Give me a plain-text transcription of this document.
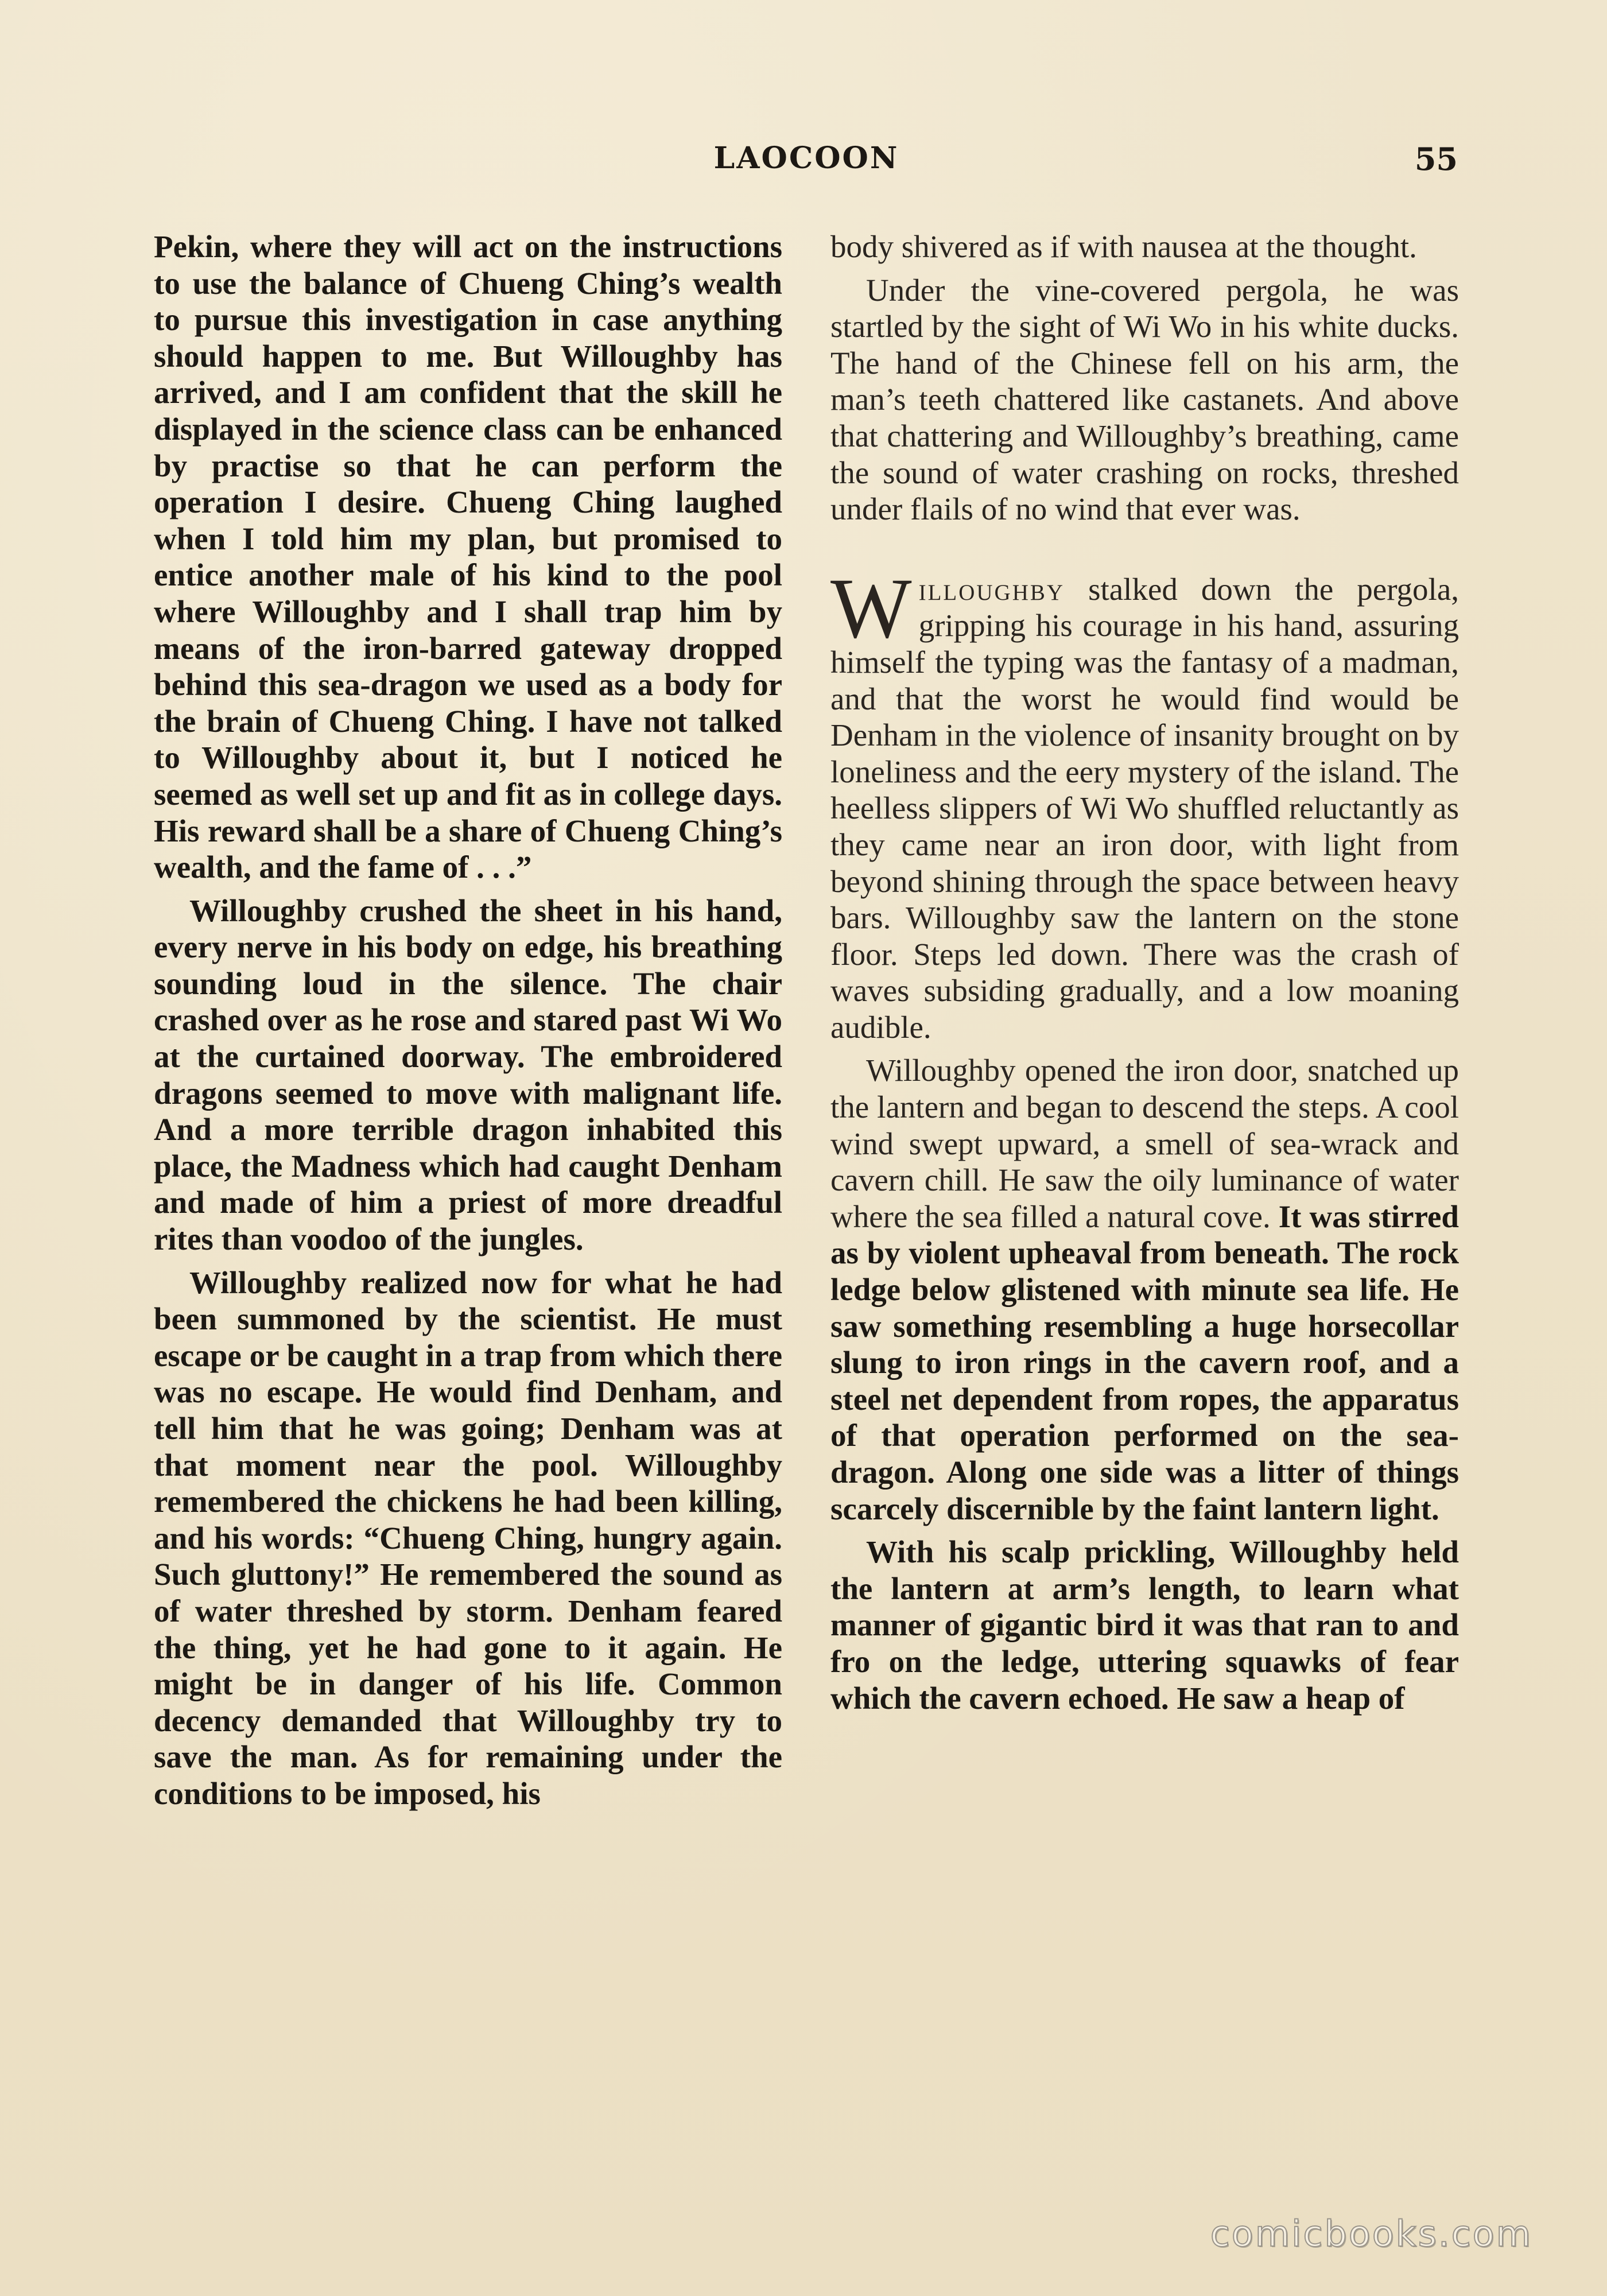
LAOCOON	55

Pekin, where they will act on the instructions to use the balance of Chueng Ching’s wealth to pursue this investigation in case anything should happen to me. But Willoughby has arrived, and I am confident that the skill he displayed in the science class can be enhanced by practise so that he can perform the operation I desire. Chueng Ching laughed when I told him my plan, but promised to entice another male of his kind to the pool where Willoughby and I shall trap him by means of the iron-barred gateway dropped behind this sea-dragon we used as a body for the brain of Chueng Ching. I have not talked to Willoughby about it, but I noticed he seemed as well set up and fit as in college days. His reward shall be a share of Chueng Ching’s wealth, and the fame of . . .”

Willoughby crushed the sheet in his hand, every nerve in his body on edge, his breathing sounding loud in the silence. The chair crashed over as he rose and stared past Wi Wo at the curtained doorway. The embroidered dragons seemed to move with malignant life. And a more terrible dragon inhabited this place, the Madness which had caught Denham and made of him a priest of more dreadful rites than voodoo of the jungles.

Willoughby realized now for what he had been summoned by the scientist. He must escape or be caught in a trap from which there was no escape. He would find Denham, and tell him that he was going; Denham was at that moment near the pool. Willoughby remembered the chickens he had been killing, and his words: “Chueng Ching, hungry again. Such gluttony!” He remembered the sound as of water threshed by storm. Denham feared the thing, yet he had gone to it again. He might be in danger of his life. Common decency demanded that Willoughby try to save the man. As for remaining under the conditions to be imposed, his

body shivered as if with nausea at the thought.

Under the vine-covered pergola, he was startled by the sight of Wi Wo in his white ducks. The hand of the Chinese fell on his arm, the man’s teeth chattered like castanets. And above that chattering and Willoughby’s breathing, came the sound of water crashing on rocks, threshed under flails of no wind that ever was.

Willoughby stalked down the pergola, gripping his courage in his hand, assuring himself the typing was the fantasy of a madman, and that the worst he would find would be Denham in the violence of insanity brought on by loneliness and the eery mystery of the island. The heelless slippers of Wi Wo shuffled reluctantly as they came near an iron door, with light from beyond shining through the space between heavy bars. Willoughby saw the lantern on the stone floor. Steps led down. There was the crash of waves subsiding gradually, and a low moaning audible.

Willoughby opened the iron door, snatched up the lantern and began to descend the steps. A cool wind swept upward, a smell of sea-wrack and cavern chill. He saw the oily luminance of water where the sea filled a natural cove. It was stirred as by violent upheaval from beneath. The rock ledge below glistened with minute sea life. He saw something resembling a huge horsecollar slung to iron rings in the cavern roof, and a steel net dependent from ropes, the apparatus of that operation performed on the sea-dragon. Along one side was a litter of things scarcely discernible by the faint lantern light.

With his scalp prickling, Willoughby held the lantern at arm’s length, to learn what manner of gigantic bird it was that ran to and fro on the ledge, uttering squawks of fear which the cavern echoed. He saw a heap of

comicbooks.com
